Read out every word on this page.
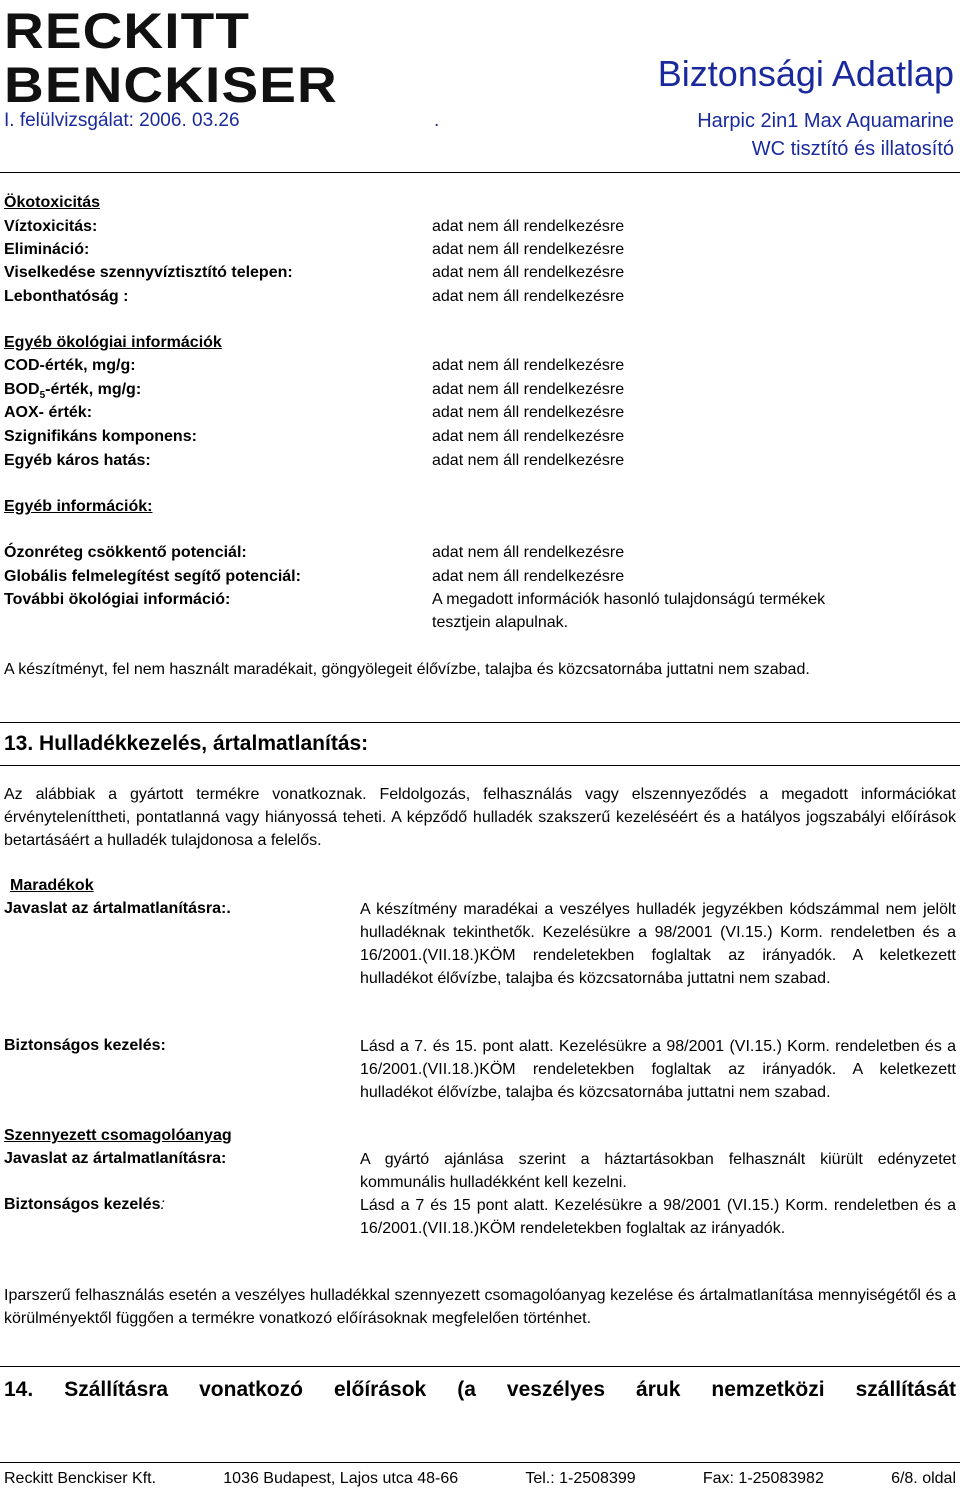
RECKITT
BENCKISER	Biztonsági Adatlap
I. felülvizsgálat: 2006. 03.26	.	Harpic 2in1 Max Aquamarine
WC tisztító és illatosító
Ökotoxicitás
Víztoxicitás:	adat nem áll rendelkezésre
Elimináció:	adat nem áll rendelkezésre
Viselkedése szennyvíztisztító telepen:	adat nem áll rendelkezésre
Lebonthatóság :	adat nem áll rendelkezésre
Egyéb ökológiai információk
COD-érték, mg/g:	adat nem áll rendelkezésre
$BOD_5$-érték, mg/g:	adat nem áll rendelkezésre
AOX- érték:	adat nem áll rendelkezésre
Szignifikáns komponens:	adat nem áll rendelkezésre
Egyéb káros hatás:	adat nem áll rendelkezésre
Egyéb információk:
Ózonréteg csökkentő potenciál:	adat nem áll rendelkezésre
Globális felmelegítést segítő potenciál:	adat nem áll rendelkezésre
További ökológiai információ:	A megadott információk hasonló tulajdonságú termékek
tesztjein alapulnak.
A készítményt, fel nem használt maradékait, göngyölegeit élővízbe, talajba és közcsatornába juttatni nem szabad.
13. Hulladékkezelés, ártalmatlanítás:
Az alábbiak a gyártott termékre vonatkoznak. Feldolgozás, felhasználás vagy elszennyeződés a megadott információkat érvényteleníttheti, pontatlanná vagy hiányossá teheti. A képződő hulladék szakszerű kezeléséért és a hatályos jogszabályi előírások betartásáért a hulladék tulajdonosa a felelős.
Maradékok
Javaslat az ártalmatlanításra:.	A készítmény maradékai a veszélyes hulladék jegyzékben kódszámmal nem jelölt hulladéknak tekinthetők. Kezelésükre a 98/2001 (VI.15.) Korm. rendeletben és a 16/2001.(VII.18.)KÖM rendeletekben foglaltak az irányadók. A keletkezett hulladékot élővízbe, talajba és közcsatornába juttatni nem szabad.
Biztonságos kezelés:	Lásd a 7. és 15. pont alatt. Kezelésükre a 98/2001 (VI.15.) Korm. rendeletben és a 16/2001.(VII.18.)KÖM rendeletekben foglaltak az irányadók. A keletkezett hulladékot élővízbe, talajba és közcsatornába juttatni nem szabad.
Szennyezett csomagolóanyag
Javaslat az ártalmatlanításra:	A gyártó ajánlása szerint a háztartásokban felhasznált kiürült edényzetet kommunális hulladékként kell kezelni.
Biztonságos kezelés:	Lásd a 7 és 15 pont alatt. Kezelésükre a 98/2001 (VI.15.) Korm. rendeletben és a 16/2001.(VII.18.)KÖM rendeletekben foglaltak az irányadók.
Iparszerű felhasználás esetén a veszélyes hulladékkal szennyezett csomagolóanyag kezelése és ártalmatlanítása mennyiségétől és a körülményektől függően a termékre vonatkozó előírásoknak megfelelően történhet.
14. Szállításra vonatkozó előírások (a veszélyes áruk nemzetközi szállítását
Reckitt Benckiser Kft.	1036 Budapest, Lajos utca 48-66	Tel.: 1-2508399	Fax: 1-25083982	6/8. oldal
